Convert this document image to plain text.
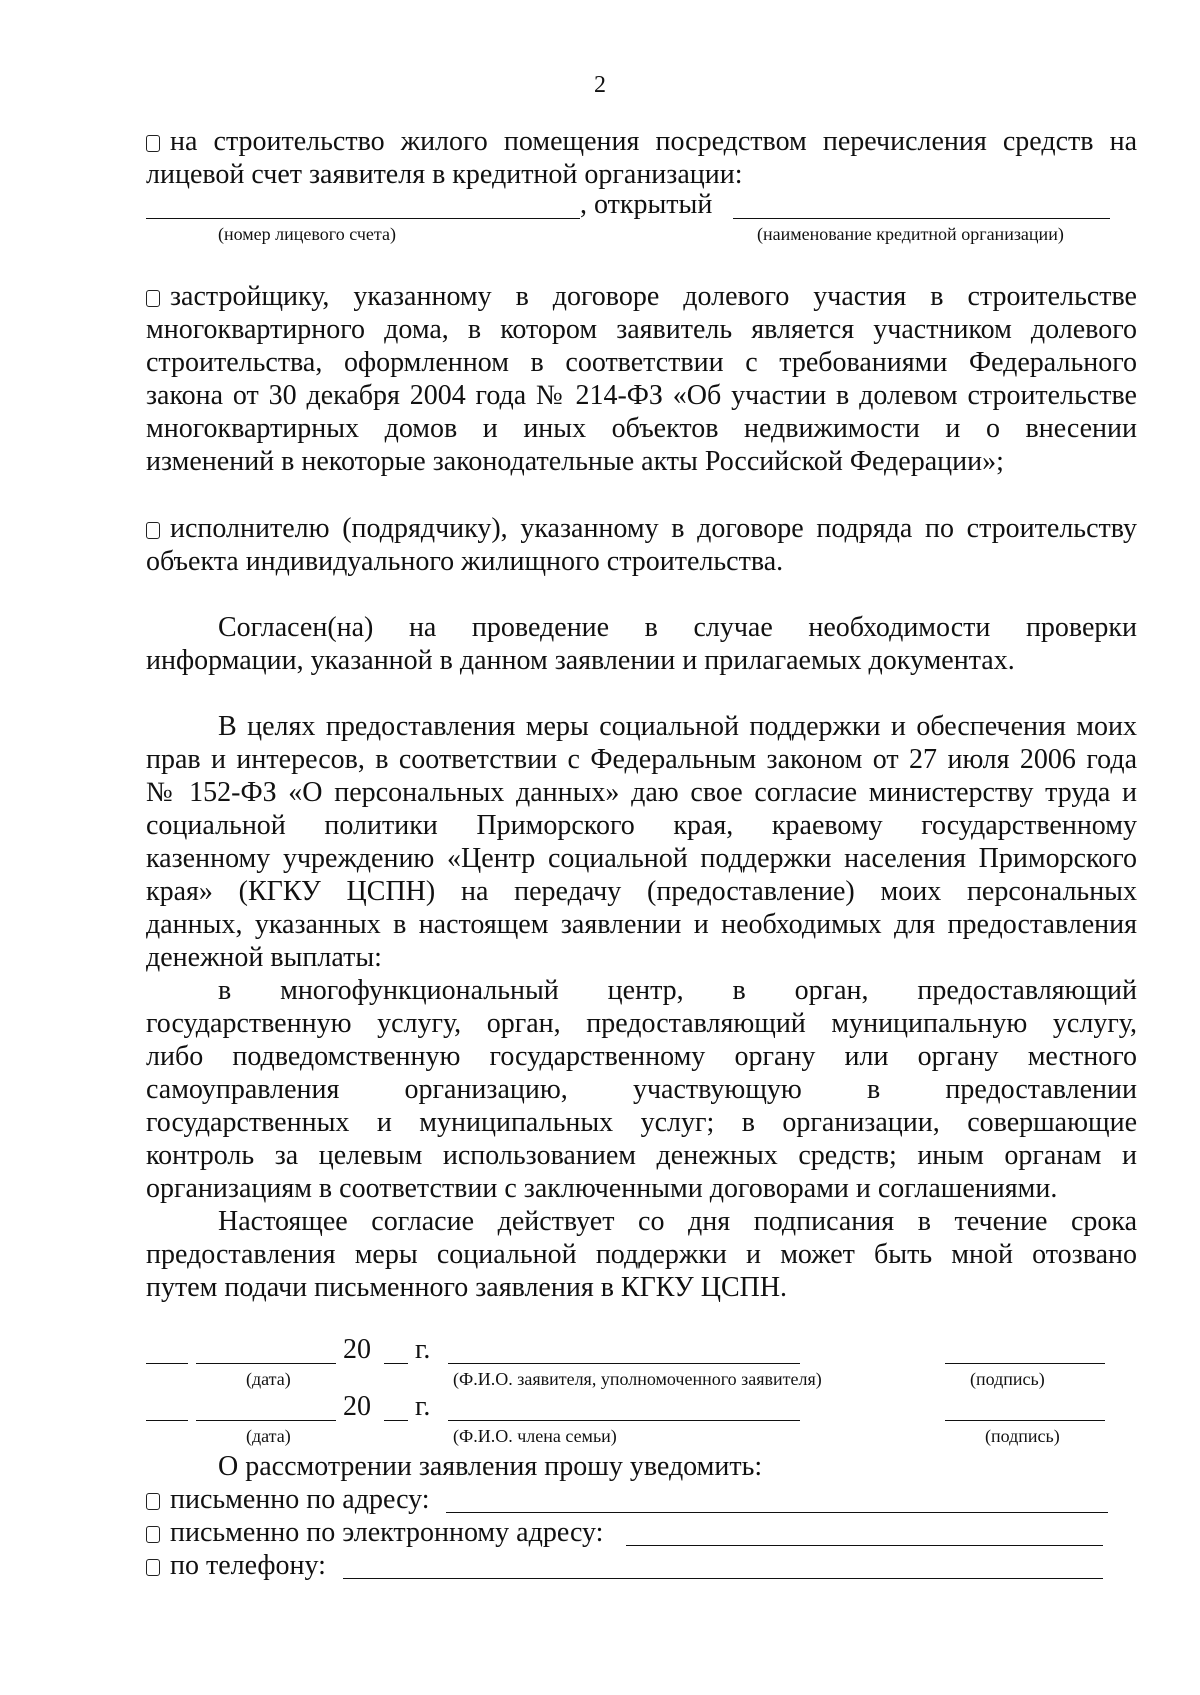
2
на строительство жилого помещения посредством перечисления средств на
лицевой счет заявителя в кредитной организации:
, открытый
(номер лицевого счета)	(наименование кредитной организации)
застройщику, указанному в договоре долевого участия в строительстве
многоквартирного дома, в котором заявитель является участником долевого
строительства, оформленном в соответствии с требованиями Федерального
закона от 30 декабря 2004 года № 214-ФЗ «Об участии в долевом строительстве
многоквартирных домов и иных объектов недвижимости и о внесении
изменений в некоторые законодательные акты Российской Федерации»;
исполнителю (подрядчику), указанному в договоре подряда по строительству
объекта индивидуального жилищного строительства.
Согласен(на) на проведение в случае необходимости проверки
информации, указанной в данном заявлении и прилагаемых документах.
В целях предоставления меры социальной поддержки и обеспечения моих
прав и интересов, в соответствии с Федеральным законом от 27 июля 2006 года
№ 152-ФЗ «О персональных данных» даю свое согласие министерству труда и
социальной политики Приморского края, краевому государственному
казенному учреждению «Центр социальной поддержки населения Приморского
края» (КГКУ ЦСПН) на передачу (предоставление) моих персональных
данных, указанных в настоящем заявлении и необходимых для предоставления
денежной выплаты:
в многофункциональный центр, в орган, предоставляющий
государственную услугу, орган, предоставляющий муниципальную услугу,
либо подведомственную государственному органу или органу местного
самоуправления организацию, участвующую в предоставлении
государственных и муниципальных услуг; в организации, совершающие
контроль за целевым использованием денежных средств; иным органам и
организациям в соответствии с заключенными договорами и соглашениями.
Настоящее согласие действует со дня подписания в течение срока
предоставления меры социальной поддержки и может быть мной отозвано
путем подачи письменного заявления в КГКУ ЦСПН.
20 г.
(дата)	(Ф.И.О. заявителя, уполномоченного заявителя)	(подпись)
20 г.
(дата)	(Ф.И.О. члена семьи)	(подпись)
О рассмотрении заявления прошу уведомить:
письменно по адресу:
письменно по электронному адресу:
по телефону:
